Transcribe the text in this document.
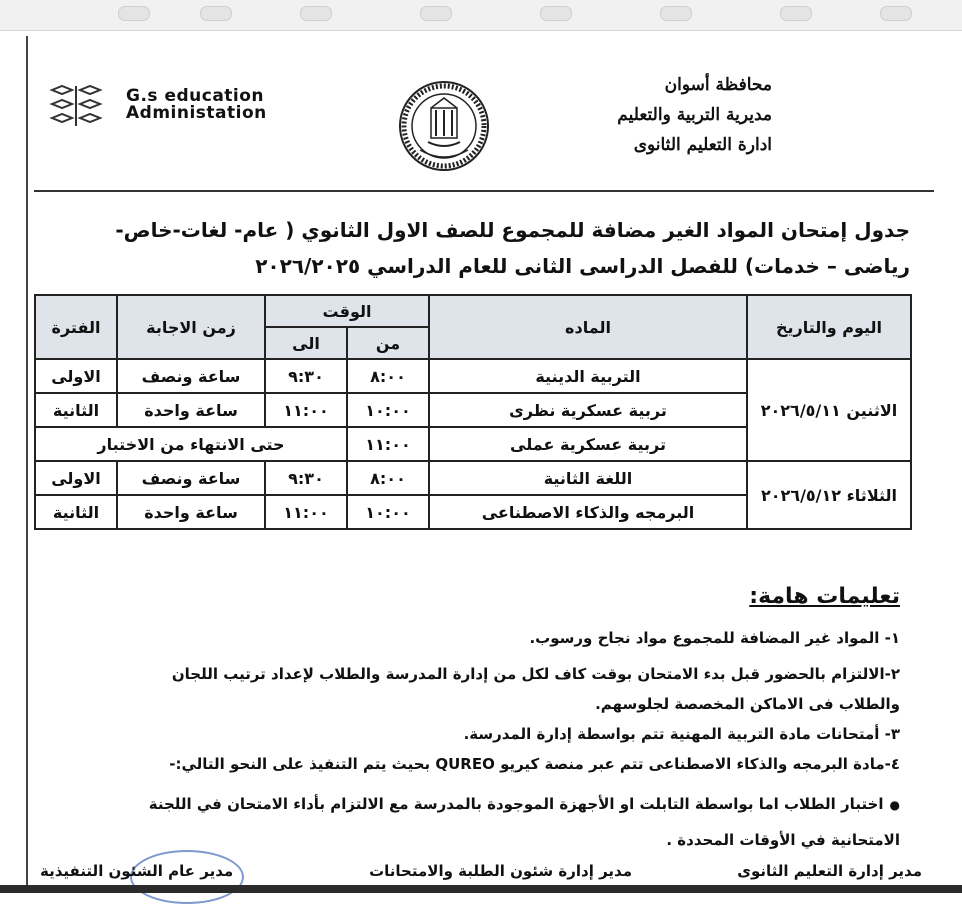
محافظة أسوان
مديرية التربية والتعليم
ادارة التعليم الثانوى
G.s education
Administation
جدول إمتحان المواد الغير مضافة للمجموع للصف الاول الثانوي ( عام- لغات-خاص-
رياضى – خدمات) للفصل الدراسى الثانى للعام الدراسي ٢٠٢٦/٢٠٢٥
اليوم والتاريخ	الماده	الوقت		زمن الاجابة	الفترة
		من	الى		
الاثنين ٢٠٢٦/٥/١١	التربية الدينية	٨:٠٠	٩:٣٠	ساعة ونصف	الاولى
	تربية عسكرية نظرى	١٠:٠٠	١١:٠٠	ساعة واحدة	الثانية
	تربية عسكرية عملى	١١:٠٠	حتى الانتهاء من الاختبار		
الثلاثاء ٢٠٢٦/٥/١٢	اللغة الثانية	٨:٠٠	٩:٣٠	ساعة ونصف	الاولى
	البرمجه والذكاء الاصطناعى	١٠:٠٠	١١:٠٠	ساعة واحدة	الثانية
تعليمات هامة:
١- المواد غير المضافة للمجموع مواد نجاح ورسوب.
٢-الالتزام بالحضور قبل بدء الامتحان بوقت كاف لكل من إدارة المدرسة والطلاب لإعداد ترتيب اللجان
والطلاب فى الاماكن المخصصة لجلوسهم.
٣- أمتحانات مادة التربية المهنية تتم بواسطة إدارة المدرسة.
٤-مادة البرمجه والذكاء الاصطناعى تتم عبر منصة كيريو QUREO بحيث يتم التنفيذ على النحو التالي:-
● اختبار الطلاب اما بواسطة التابلت او الأجهزة الموجودة بالمدرسة مع الالتزام بأداء الامتحان في اللجنة
الامتحانية في الأوقات المحددة .
مدير إدارة التعليم الثانوى
مدير إدارة شئون الطلبة والامتحانات
مدير عام الشئون التنفيذية
